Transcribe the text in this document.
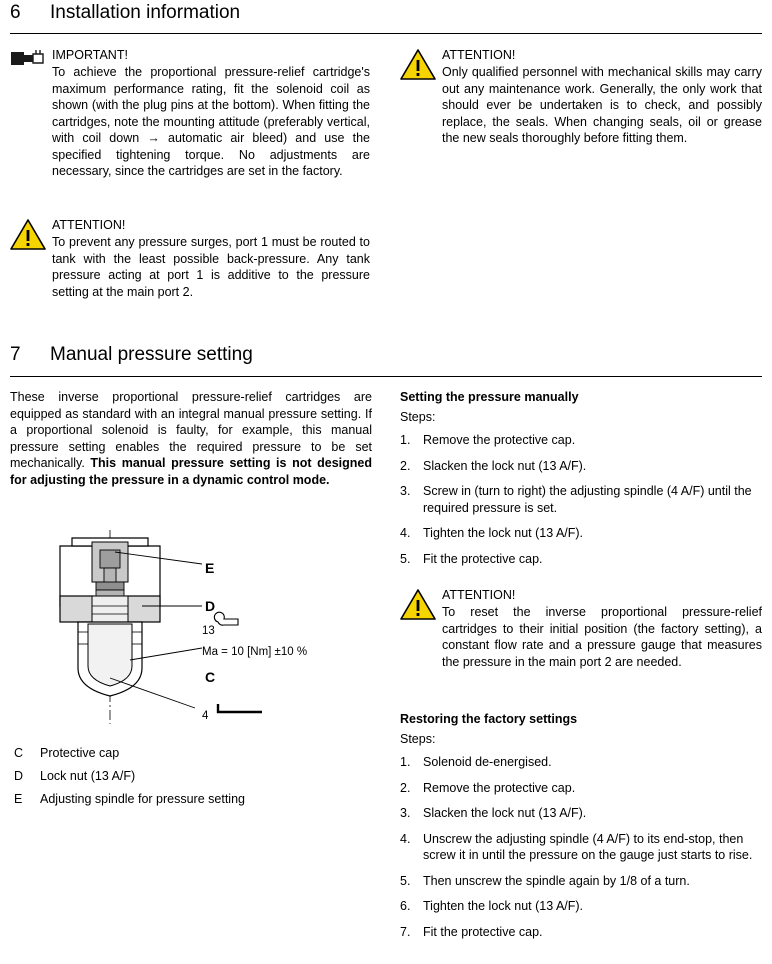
6	Installation information
IMPORTANT!
To achieve the proportional pressure-relief cartridge's maximum performance rating, fit the solenoid coil as shown (with the plug pins at the bottom). When fitting the cartridges, note the mounting attitude (preferably vertical, with coil down → automatic air bleed) and use the specified tightening torque. No adjustments are necessary, since the cartridges are set in the factory.
ATTENTION!
Only qualified personnel with mechanical skills may carry out any maintenance work. Generally, the only work that should ever be undertaken is to check, and possibly replace, the seals. When changing seals, oil or grease the new seals thoroughly before fitting them.
ATTENTION!
To prevent any pressure surges, port 1 must be routed to tank with the least possible back-pressure. Any tank pressure acting at port 1 is additive to the pressure setting at the main port 2.
7	Manual pressure setting
These inverse proportional pressure-relief cartridges are equipped as standard with an integral manual pressure setting. If a proportional solenoid is faulty, for example, this manual pressure setting enables the required pressure to be set mechanically. This manual pressure setting is not designed for adjusting the pressure in a dynamic control mode.
Setting the pressure manually
Steps:
1. Remove the protective cap.
2. Slacken the lock nut (13 A/F).
3. Screw in (turn to right) the adjusting spindle (4 A/F) until the required pressure is set.
4. Tighten the lock nut (13 A/F).
5. Fit the protective cap.
ATTENTION!
To reset the inverse proportional pressure-relief cartridges to their initial position (the factory setting), a constant flow rate and a pressure gauge that measures the pressure in the main port 2 are needed.
Restoring the factory settings
Steps:
1. Solenoid de-energised.
2. Remove the protective cap.
3. Slacken the lock nut (13 A/F).
4. Unscrew the adjusting spindle (4 A/F) to its end-stop, then screw it in until the pressure on the gauge just starts to rise.
5. Then unscrew the spindle again by 1/8 of a turn.
6. Tighten the lock nut (13 A/F).
7. Fit the protective cap.
E
D
C
13
Ma = 10 [Nm] ±10 %
4
C Protective cap
D Lock nut (13 A/F)
E Adjusting spindle for pressure setting
